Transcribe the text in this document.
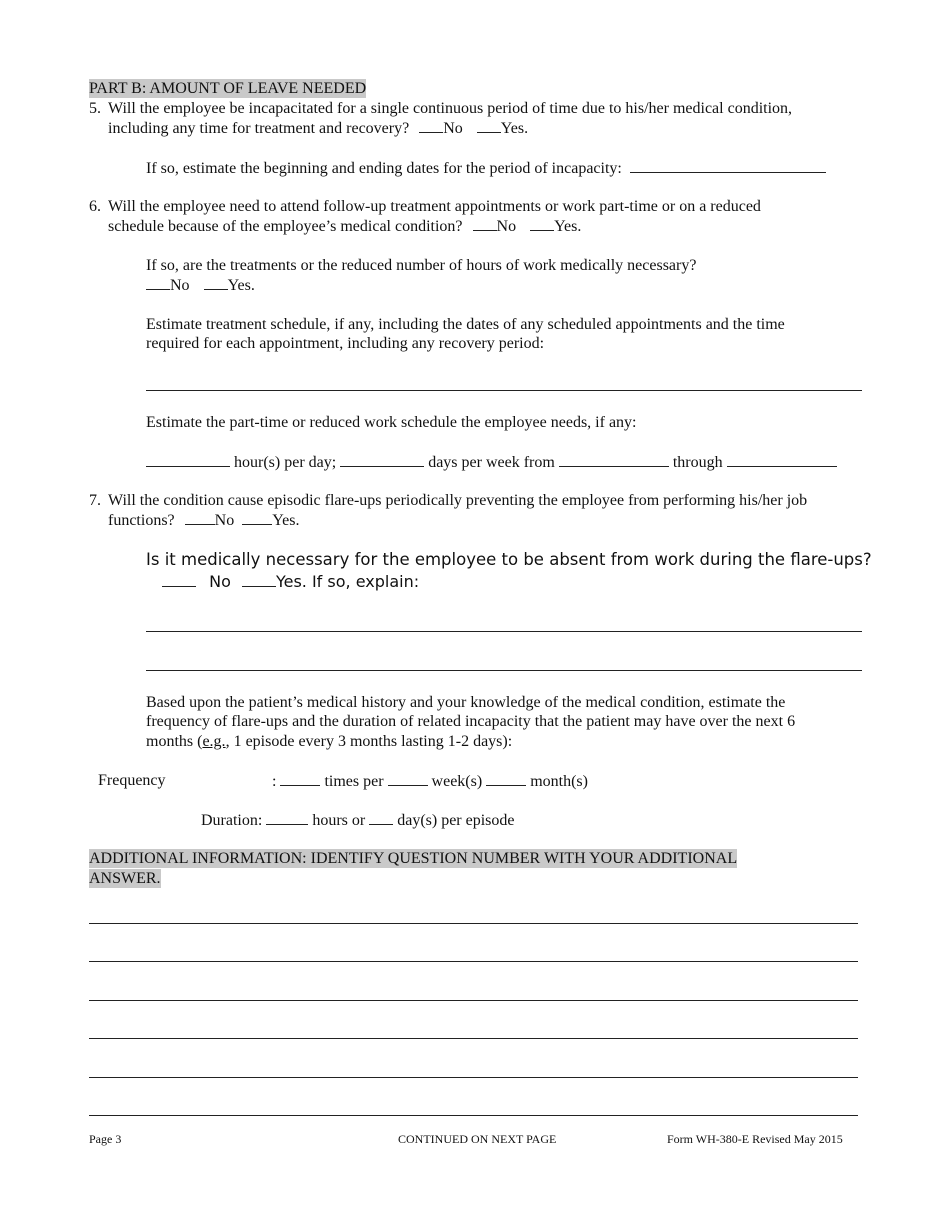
PART B: AMOUNT OF LEAVE NEEDED
5. Will the employee be incapacitated for a single continuous period of time due to his/her medical condition,
including any time for treatment and recovery? No Yes.
If so, estimate the beginning and ending dates for the period of incapacity:
6. Will the employee need to attend follow-up treatment appointments or work part-time or on a reduced
schedule because of the employee’s medical condition? No Yes.
If so, are the treatments or the reduced number of hours of work medically necessary?
No Yes.
Estimate treatment schedule, if any, including the dates of any scheduled appointments and the time
required for each appointment, including any recovery period:
Estimate the part-time or reduced work schedule the employee needs, if any:
hour(s) per day;	days per week from	through
7. Will the condition cause episodic flare-ups periodically preventing the employee from performing his/her job
functions?	No Yes.
Is it medically necessary for the employee to be absent from work during the flare-ups?
No	Yes. If so, explain:
Based upon the patient’s medical history and your knowledge of the medical condition, estimate the
frequency of flare-ups and the duration of related incapacity that the patient may have over the next 6
months (e.g., 1 episode every 3 months lasting 1-2 days):
Frequency	:	times per	week(s)	month(s)
Duration:	hours or day(s) per episode
ADDITIONAL INFORMATION: IDENTIFY QUESTION NUMBER WITH YOUR ADDITIONAL
ANSWER.
Page 3	CONTINUED ON NEXT PAGE	Form WH-380-E Revised May 2015
